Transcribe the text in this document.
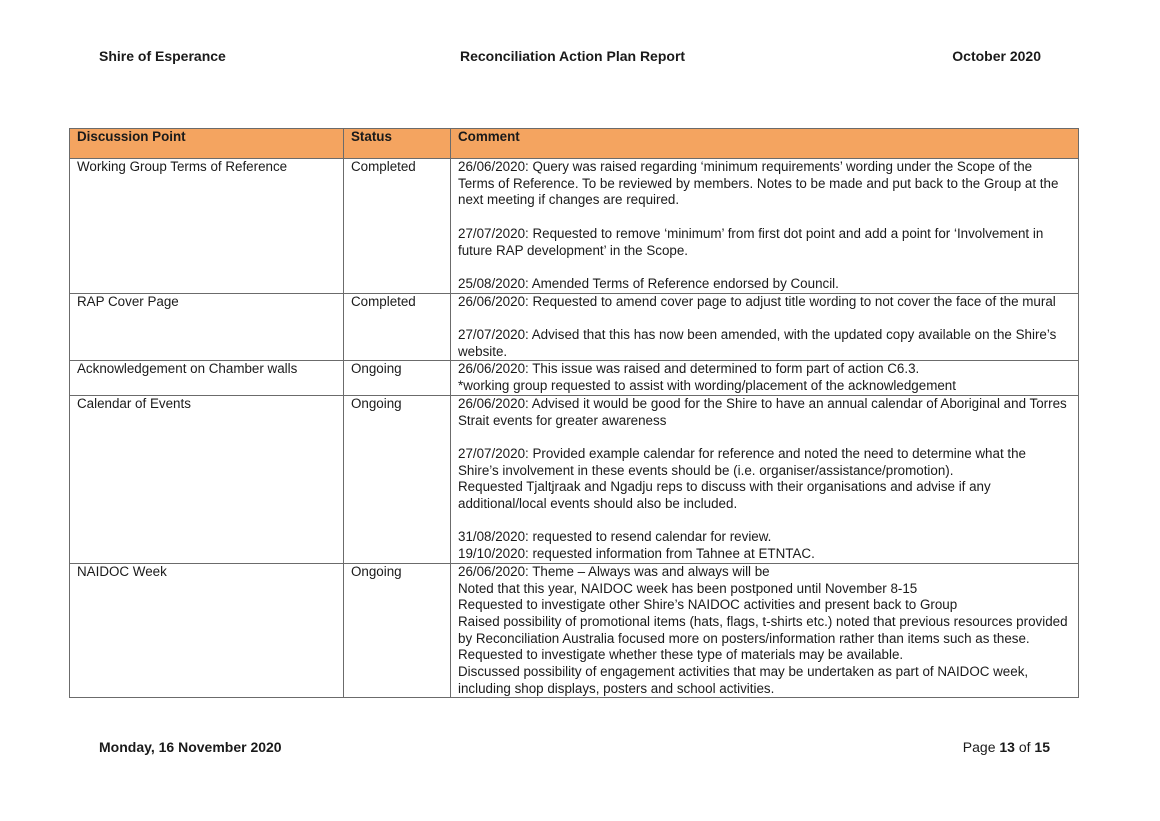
Shire of Esperance	Reconciliation Action Plan Report	October 2020
Discussion Point	Status	Comment
Working Group Terms of Reference	Completed	26/06/2020: Query was raised regarding ‘minimum requirements’ wording under the Scope of the Terms of Reference. To be reviewed by members. Notes to be made and put back to the Group at the next meeting if changes are required.

27/07/2020: Requested to remove ‘minimum’ from first dot point and add a point for ‘Involvement in future RAP development’ in the Scope.

25/08/2020: Amended Terms of Reference endorsed by Council.

RAP Cover Page	Completed	26/06/2020: Requested to amend cover page to adjust title wording to not cover the face of the mural

27/07/2020: Advised that this has now been amended, with the updated copy available on the Shire’s website.

Acknowledgement on Chamber walls	Ongoing	26/06/2020: This issue was raised and determined to form part of action C6.3.
*working group requested to assist with wording/placement of the acknowledgement

Calendar of Events	Ongoing	26/06/2020: Advised it would be good for the Shire to have an annual calendar of Aboriginal and Torres Strait events for greater awareness

27/07/2020: Provided example calendar for reference and noted the need to determine what the Shire’s involvement in these events should be (i.e. organiser/assistance/promotion).
Requested Tjaltjraak and Ngadju reps to discuss with their organisations and advise if any additional/local events should also be included.

31/08/2020: requested to resend calendar for review.
19/10/2020: requested information from Tahnee at ETNTAC.

NAIDOC Week	Ongoing	26/06/2020: Theme – Always was and always will be
Noted that this year, NAIDOC week has been postponed until November 8-15
Requested to investigate other Shire’s NAIDOC activities and present back to Group
Raised possibility of promotional items (hats, flags, t-shirts etc.) noted that previous resources provided by Reconciliation Australia focused more on posters/information rather than items such as these. Requested to investigate whether these type of materials may be available.
Discussed possibility of engagement activities that may be undertaken as part of NAIDOC week, including shop displays, posters and school activities.

Monday, 16 November 2020	Page 13 of 15
